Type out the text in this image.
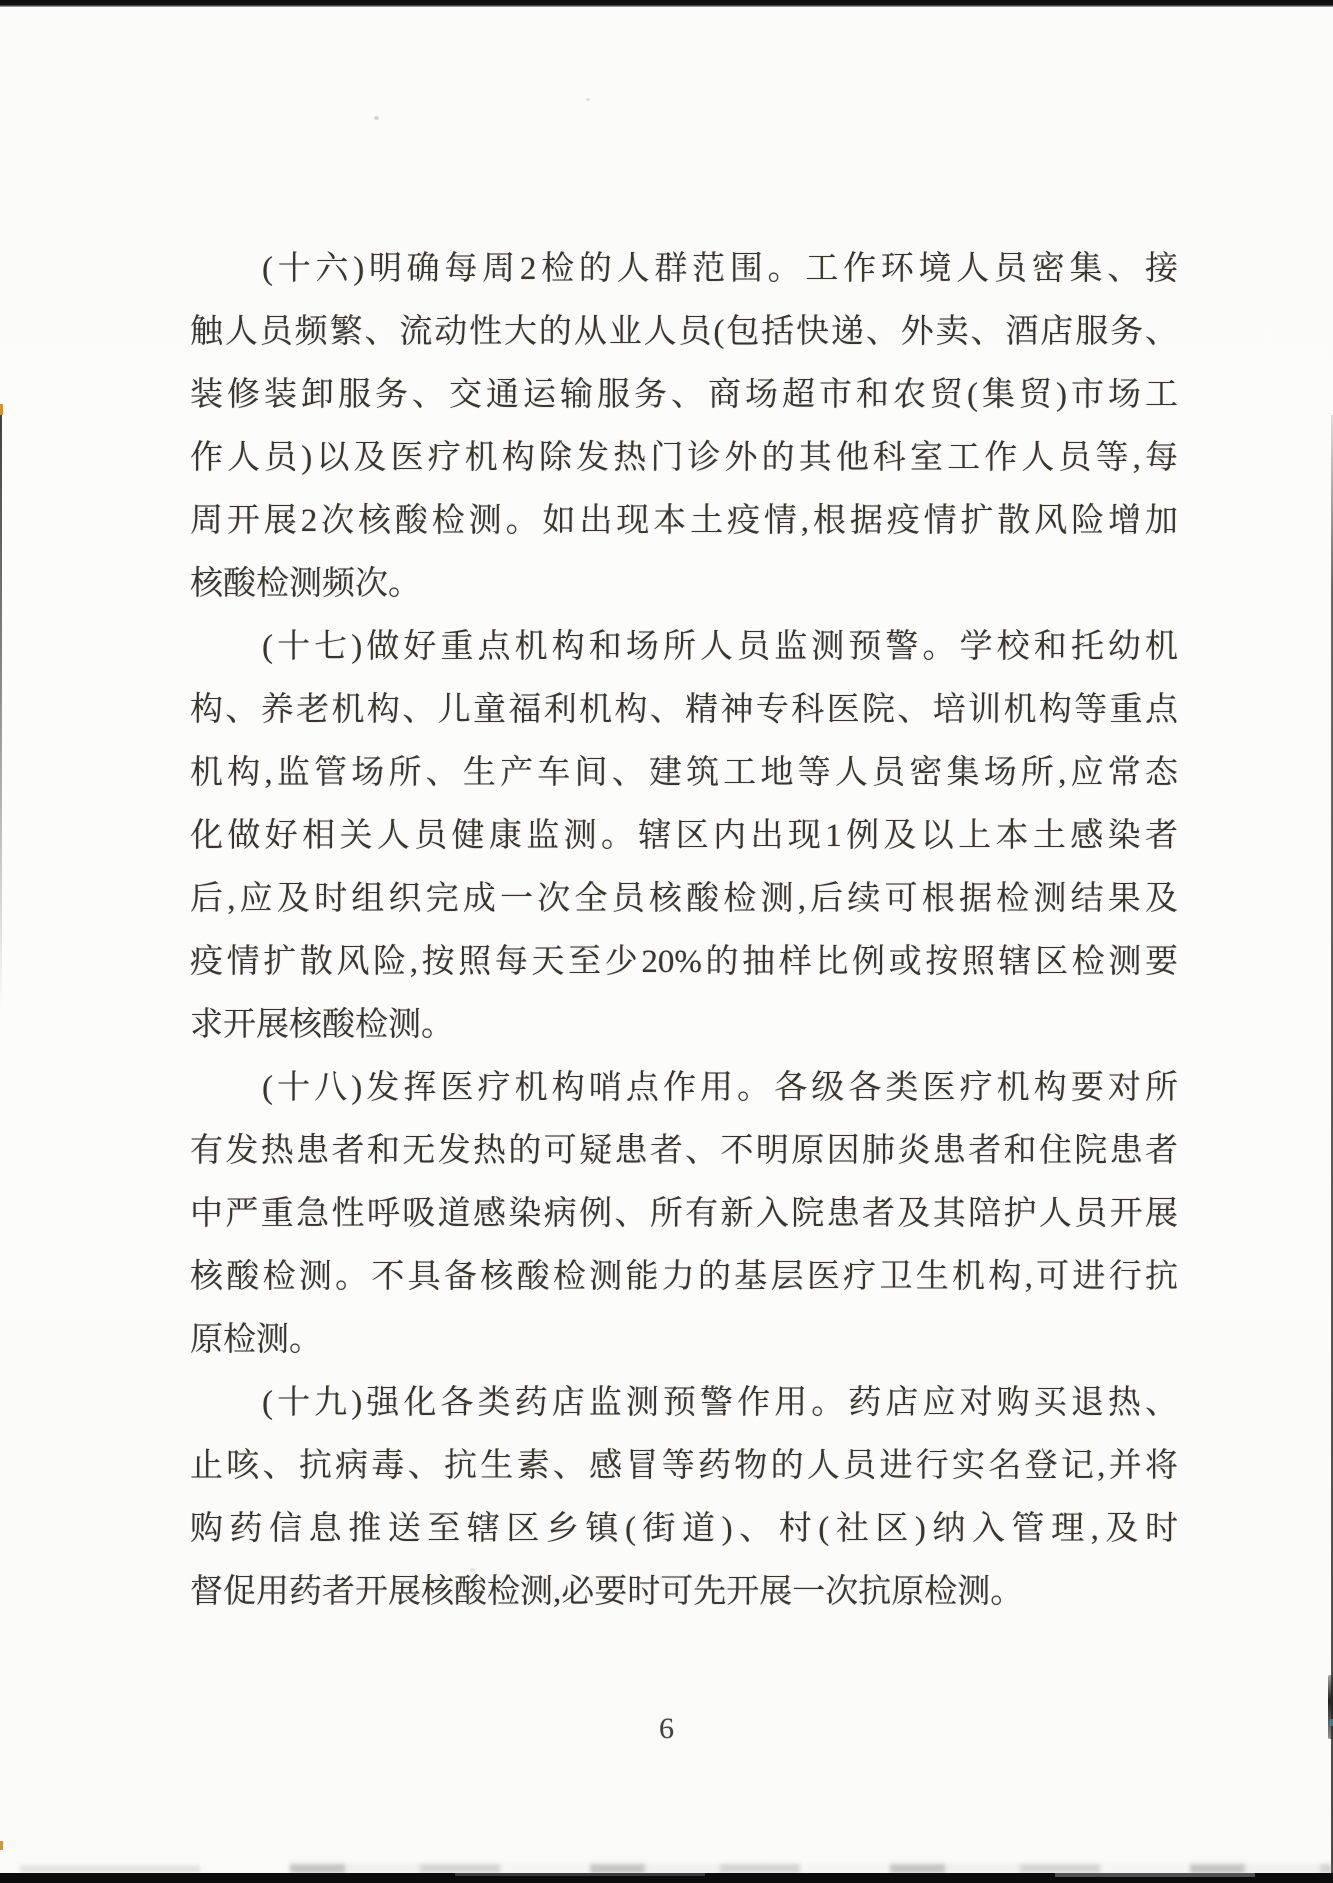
(十六)明确每周2检的人群范围。工作环境人员密集、接
触人员频繁、流动性大的从业人员(包括快递、外卖、酒店服务、
装修装卸服务、交通运输服务、商场超市和农贸(集贸)市场工
作人员)以及医疗机构除发热门诊外的其他科室工作人员等,每
周开展2次核酸检测。如出现本土疫情,根据疫情扩散风险增加
核酸检测频次。
(十七)做好重点机构和场所人员监测预警。学校和托幼机
构、养老机构、儿童福利机构、精神专科医院、培训机构等重点
机构,监管场所、生产车间、建筑工地等人员密集场所,应常态
化做好相关人员健康监测。辖区内出现1例及以上本土感染者
后,应及时组织完成一次全员核酸检测,后续可根据检测结果及
疫情扩散风险,按照每天至少20%的抽样比例或按照辖区检测要
求开展核酸检测。
(十八)发挥医疗机构哨点作用。各级各类医疗机构要对所
有发热患者和无发热的可疑患者、不明原因肺炎患者和住院患者
中严重急性呼吸道感染病例、所有新入院患者及其陪护人员开展
核酸检测。不具备核酸检测能力的基层医疗卫生机构,可进行抗
原检测。
(十九)强化各类药店监测预警作用。药店应对购买退热、
止咳、抗病毒、抗生素、感冒等药物的人员进行实名登记,并将
购药信息推送至辖区乡镇(街道)、村(社区)纳入管理,及时
督促用药者开展核酸检测,必要时可先开展一次抗原检测。
6
